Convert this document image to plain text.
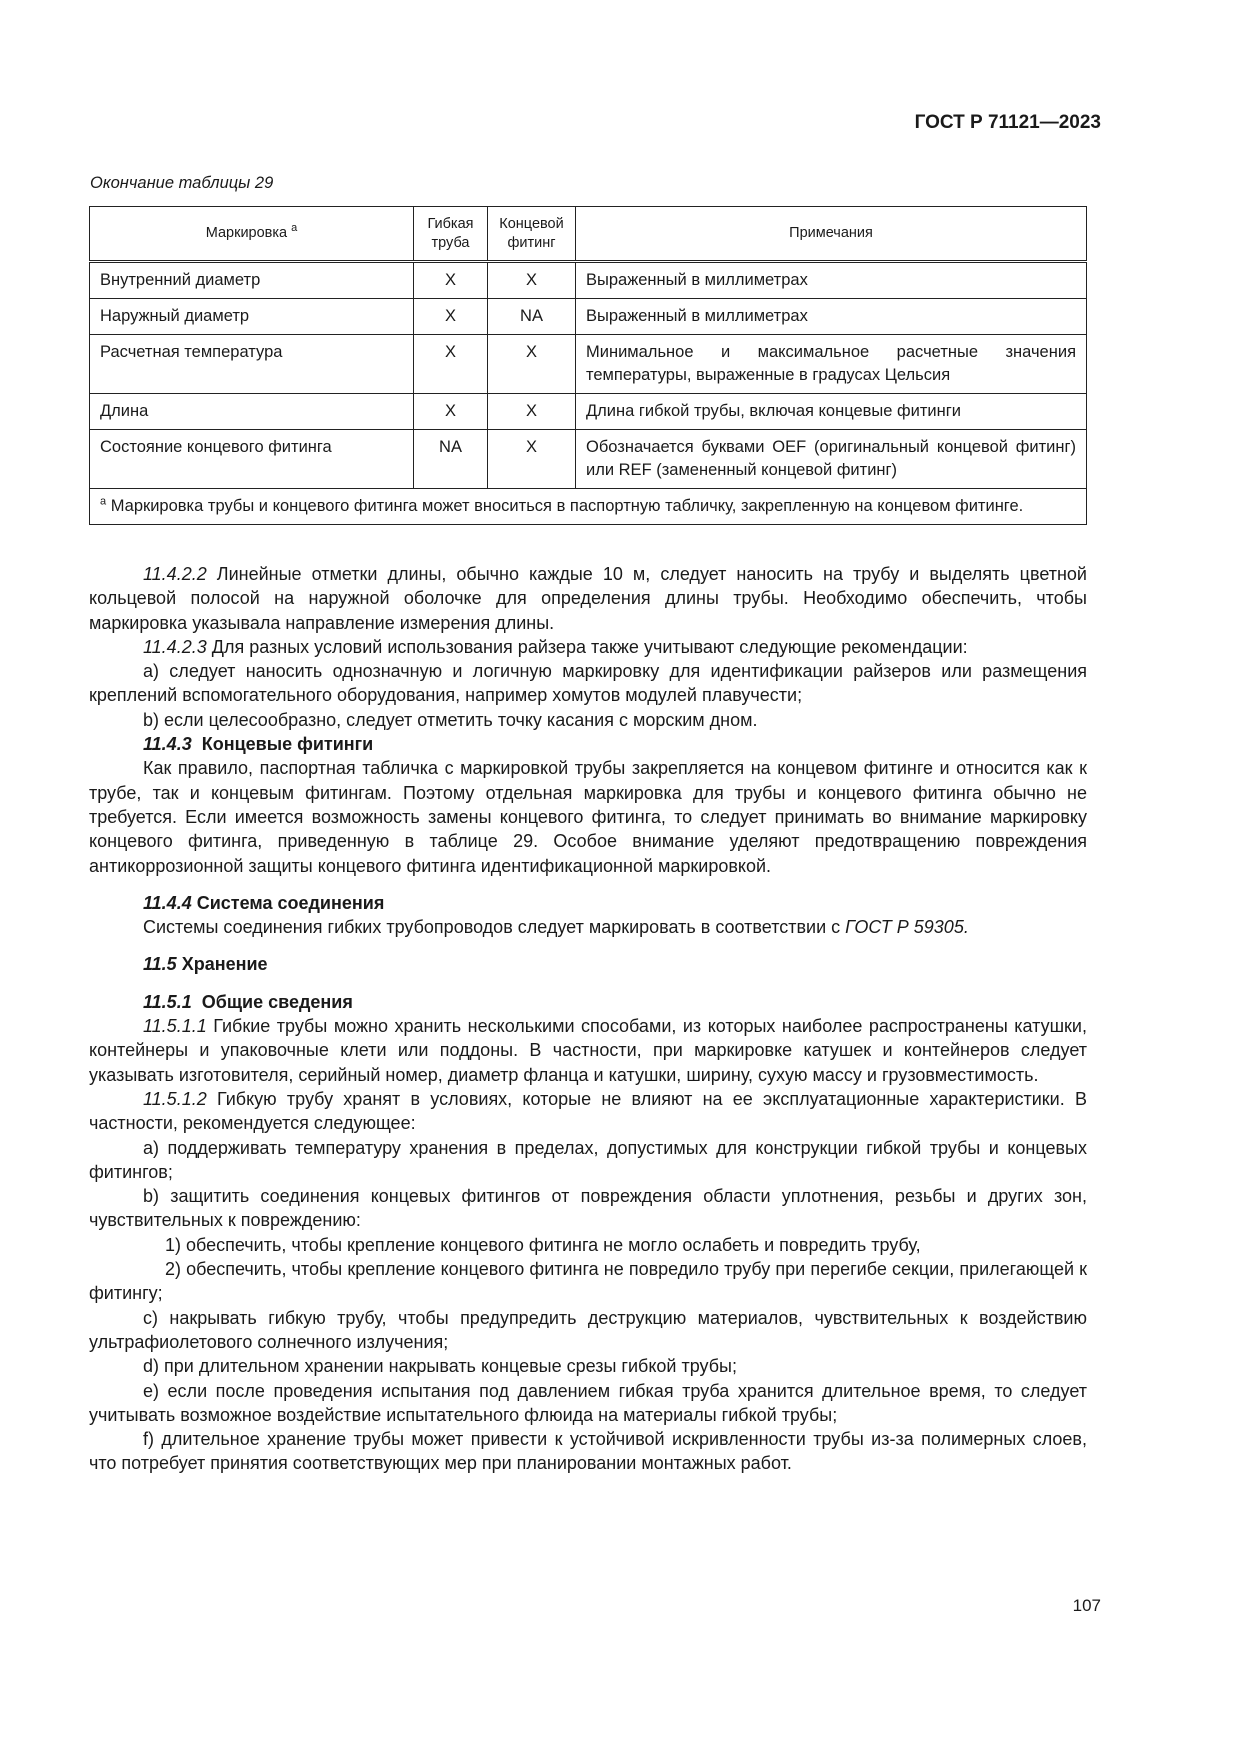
ГОСТ Р 71121—2023
Окончание таблицы 29
Маркировка $^a$	Гибкая труба	Концевой фитинг	Примечания
Внутренний диаметр	X	X	Выраженный в миллиметрах
Наружный диаметр	X	NA	Выраженный в миллиметрах
Расчетная температура	X	X	Минимальное и максимальное расчетные значения температуры, выраженные в градусах Цельсия
Длина	X	X	Длина гибкой трубы, включая концевые фитинги
Состояние концевого фитинга	NA	X	Обозначается буквами OEF (оригинальный концевой фитинг) или REF (замененный концевой фитинг)
$^a$ Маркировка трубы и концевого фитинга может вноситься в паспортную табличку, закрепленную на концевом фитинге.			

11.4.2.2 Линейные отметки длины, обычно каждые 10 м, следует наносить на трубу и выделять цветной кольцевой полосой на наружной оболочке для определения длины трубы. Необходимо обеспечить, чтобы маркировка указывала направление измерения длины.

11.4.2.3 Для разных условий использования райзера также учитывают следующие рекомендации:

a) следует наносить однозначную и логичную маркировку для идентификации райзеров или размещения креплений вспомогательного оборудования, например хомутов модулей плавучести;

b) если целесообразно, следует отметить точку касания с морским дном.

11.4.3 Концевые фитинги

Как правило, паспортная табличка с маркировкой трубы закрепляется на концевом фитинге и относится как к трубе, так и концевым фитингам. Поэтому отдельная маркировка для трубы и концевого фитинга обычно не требуется. Если имеется возможность замены концевого фитинга, то следует принимать во внимание маркировку концевого фитинга, приведенную в таблице 29. Особое внимание уделяют предотвращению повреждения антикоррозионной защиты концевого фитинга идентификационной маркировкой.

11.4.4 Система соединения

Системы соединения гибких трубопроводов следует маркировать в соответствии с ГОСТ Р 59305.

11.5 Хранение

11.5.1 Общие сведения

11.5.1.1 Гибкие трубы можно хранить несколькими способами, из которых наиболее распространены катушки, контейнеры и упаковочные клети или поддоны. В частности, при маркировке катушек и контейнеров следует указывать изготовителя, серийный номер, диаметр фланца и катушки, ширину, сухую массу и грузовместимость.

11.5.1.2 Гибкую трубу хранят в условиях, которые не влияют на ее эксплуатационные характеристики. В частности, рекомендуется следующее:

a) поддерживать температуру хранения в пределах, допустимых для конструкции гибкой трубы и концевых фитингов;

b) защитить соединения концевых фитингов от повреждения области уплотнения, резьбы и других зон, чувствительных к повреждению:

1) обеспечить, чтобы крепление концевого фитинга не могло ослабеть и повредить трубу,

2) обеспечить, чтобы крепление концевого фитинга не повредило трубу при перегибе секции, прилегающей к фитингу;

c) накрывать гибкую трубу, чтобы предупредить деструкцию материалов, чувствительных к воздействию ультрафиолетового солнечного излучения;

d) при длительном хранении накрывать концевые срезы гибкой трубы;

e) если после проведения испытания под давлением гибкая труба хранится длительное время, то следует учитывать возможное воздействие испытательного флюида на материалы гибкой трубы;

f) длительное хранение трубы может привести к устойчивой искривленности трубы из-за полимерных слоев, что потребует принятия соответствующих мер при планировании монтажных работ.

107
